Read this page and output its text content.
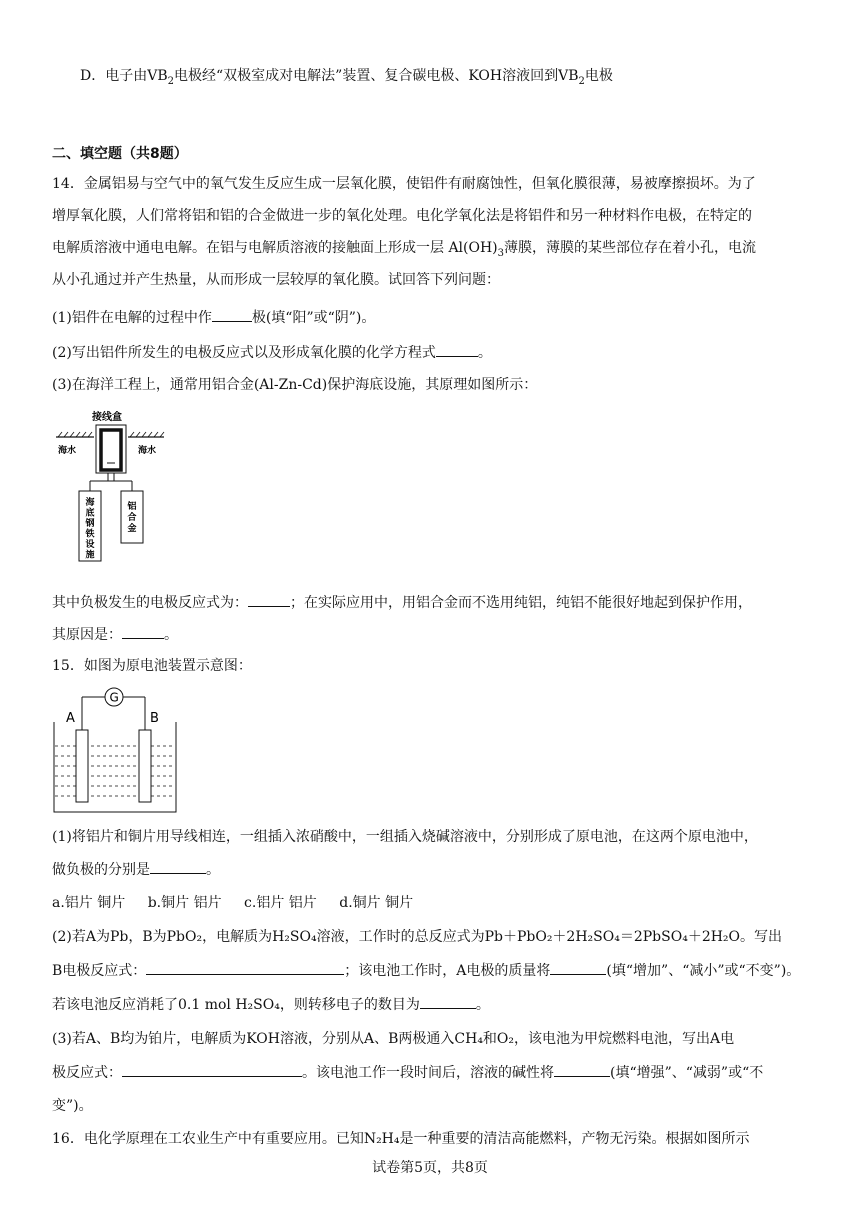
D．电子由$VB_2$电极经“双极室成对电解法”装置、复合碳电极、KOH溶液回到$VB_2$电极
二、填空题（共8题）
14．金属铝易与空气中的氧气发生反应生成一层氧化膜，使铝件有耐腐蚀性，但氧化膜很薄，易被摩擦损坏。为了
增厚氧化膜，人们常将铝和铝的合金做进一步的氧化处理。电化学氧化法是将铝件和另一种材料作电极，在特定的
电解质溶液中通电电解。在铝与电解质溶液的接触面上形成一层 $Al(OH)_3$薄膜，薄膜的某些部位存在着小孔，电流
从小孔通过并产生热量，从而形成一层较厚的氧化膜。试回答下列问题：
(1)铝件在电解的过程中作	极(填“阳”或“阴”)。
(2)写出铝件所发生的电极反应式以及形成氧化膜的化学方程式	。
(3)在海洋工程上，通常用铝合金(Al-Zn-Cd)保护海底设施，其原理如图所示：
接线盒
海水	海水
海
底
钢
铁
设
施
铝
合
金
其中负极发生的电极反应式为：	；在实际应用中，用铝合金而不选用纯铝，纯铝不能很好地起到保护作用，
其原因是：	。
15．如图为原电池装置示意图：
G
A	B
(1)将铝片和铜片用导线相连，一组插入浓硝酸中，一组插入烧碱溶液中，分别形成了原电池，在这两个原电池中，
做负极的分别是	。
a.铝片 铜片 b.铜片 铝片 c.铝片 铝片 d.铜片 铜片
(2)若A为Pb，B为PbO₂，电解质为H₂SO₄溶液，工作时的总反应式为Pb＋PbO₂＋2H₂SO₄＝2PbSO₄＋2H₂O。写出
B电极反应式：	；该电池工作时，A电极的质量将	(填“增加”、“减小”或“不变”)。
若该电池反应消耗了0.1 mol H₂SO₄，则转移电子的数目为	。
(3)若A、B均为铂片，电解质为KOH溶液，分别从A、B两极通入CH₄和O₂，该电池为甲烷燃料电池，写出A电
极反应式：	。该电池工作一段时间后，溶液的碱性将	(填“增强”、“减弱”或“不
变”)。
16．电化学原理在工农业生产中有重要应用。已知N₂H₄是一种重要的清洁高能燃料，产物无污染。根据如图所示
试卷第5页，共8页
